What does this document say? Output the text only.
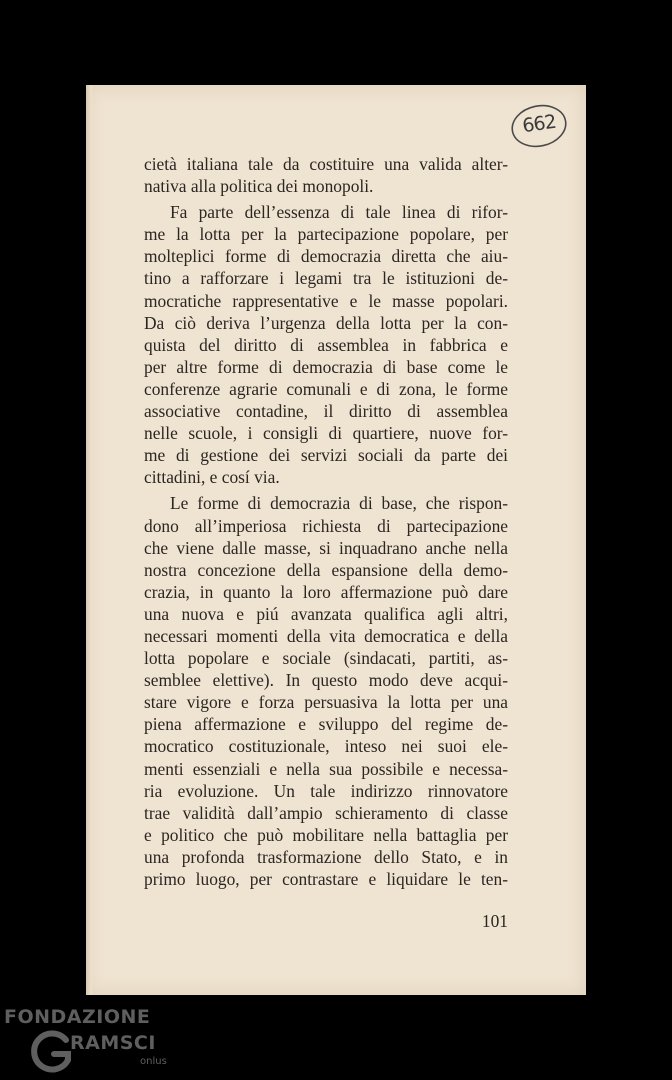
662
cietà italiana tale da costituire una valida alter-
nativa alla politica dei monopoli.
Fa parte dell’essenza di tale linea di rifor-
me la lotta per la partecipazione popolare, per
molteplici forme di democrazia diretta che aiu-
tino a rafforzare i legami tra le istituzioni de-
mocratiche rappresentative e le masse popolari.
Da ciò deriva l’urgenza della lotta per la con-
quista del diritto di assemblea in fabbrica e
per altre forme di democrazia di base come le
conferenze agrarie comunali e di zona, le forme
associative contadine, il diritto di assemblea
nelle scuole, i consigli di quartiere, nuove for-
me di gestione dei servizi sociali da parte dei
cittadini, e cosí via.
Le forme di democrazia di base, che rispon-
dono all’imperiosa richiesta di partecipazione
che viene dalle masse, si inquadrano anche nella
nostra concezione della espansione della demo-
crazia, in quanto la loro affermazione può dare
una nuova e piú avanzata qualifica agli altri,
necessari momenti della vita democratica e della
lotta popolare e sociale (sindacati, partiti, as-
semblee elettive). In questo modo deve acqui-
stare vigore e forza persuasiva la lotta per una
piena affermazione e sviluppo del regime de-
mocratico costituzionale, inteso nei suoi ele-
menti essenziali e nella sua possibile e necessa-
ria evoluzione. Un tale indirizzo rinnovatore
trae validità dall’ampio schieramento di classe
e politico che può mobilitare nella battaglia per
una profonda trasformazione dello Stato, e in
primo luogo, per contrastare e liquidare le ten-
101
FONDAZIONE
RAMSCI
onlus
